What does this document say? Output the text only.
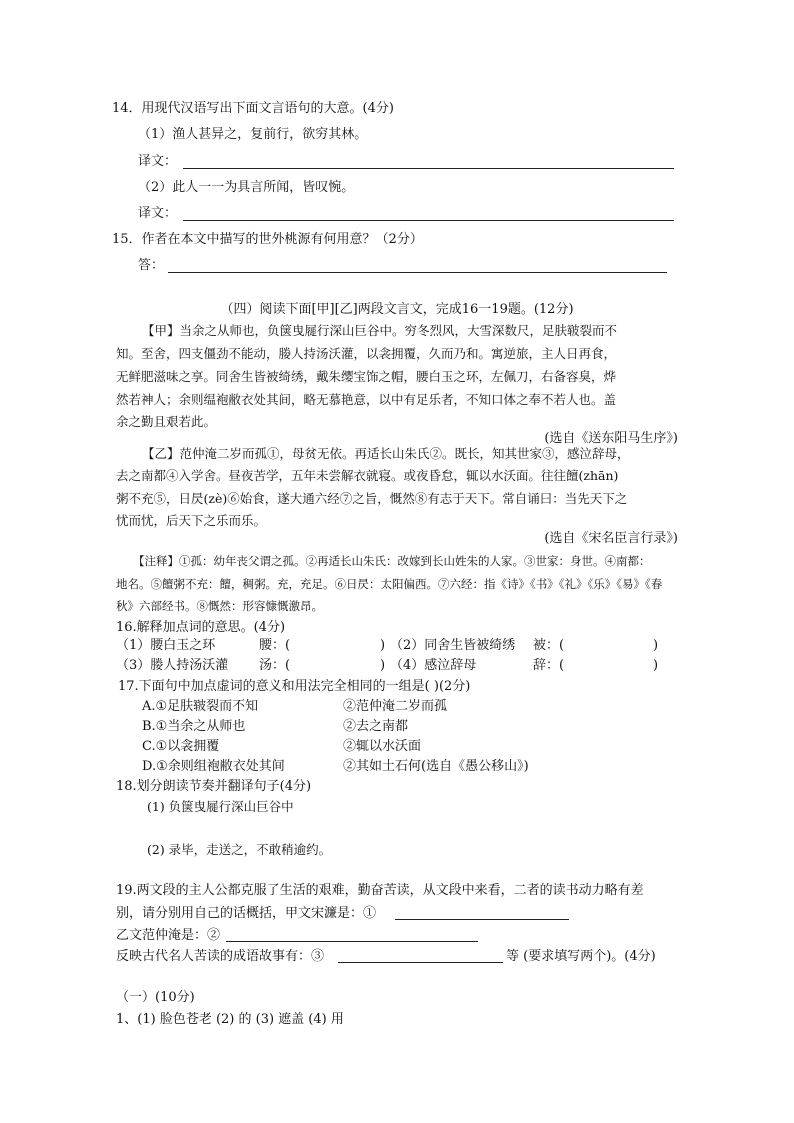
14．用现代汉语写出下面文言语句的大意。(4分)
（1）渔人甚异之，复前行，欲穷其林。
译文：
（2）此人一一为具言所闻，皆叹惋。
译文：
15．作者在本文中描写的世外桃源有何用意？（2分）
答：
（四）阅读下面[甲][乙]两段文言文，完成16一19题。(12分)
【甲】当余之从师也，负箧曳屣行深山巨谷中。穷冬烈风，大雪深数尺，足肤皲裂而不
知。至舍，四支僵劲不能动，媵人持汤沃灌，以衾拥覆，久而乃和。寓逆旅，主人日再食，
无鲜肥滋味之享。同舍生皆被绮绣，戴朱缨宝饰之帽，腰白玉之环，左佩刀，右备容臭，烨
然若神人；余则缊袍敝衣处其间，略无慕艳意，以中有足乐者，不知口体之奉不若人也。盖
余之勤且艰若此。
(选自《送东阳马生序》)
【乙】范仲淹二岁而孤①，母贫无依。再适长山朱氏②。既长，知其世家③，感泣辞母，
去之南都④入学舍。昼夜苦学，五年未尝解衣就寝。或夜昏怠，辄以水沃面。往往饘(zhān)
粥不充⑤，日昃(zè)⑥始食，遂大通六经⑦之旨，慨然⑧有志于天下。常自诵曰：当先天下之
忧而忧，后天下之乐而乐。
(选自《宋名臣言行录》)
【注释】①孤：幼年丧父谓之孤。②再适长山朱氏：改嫁到长山姓朱的人家。③世家：身世。④南都：
地名。⑤饘粥不充：饘，稠粥。充，充足。⑥日昃：太阳偏西。⑦六经：指《诗》《书》《礼》《乐》《易》《春
秋》六部经书。⑧慨然：形容慷慨激昂。
16.解释加点词的意思。(4分)
（1）腰白玉之环	腰：(	) （2）同舍生皆被绮绣 被：(	)
（3）媵人持汤沃灌 汤：(	) （4）感泣辞母	辞：(	)
17.下面句中加点虚词的意义和用法完全相同的一组是( )(2分)
A.①足肤皲裂而不知	②范仲淹二岁而孤
B.①当余之从师也	②去之南都
C.①以衾拥覆	②辄以水沃面
D.①余则组袍敝衣处其间	②其如土石何(选自《愚公移山》)
18.划分朗读节奏并翻译句子(4分)
(1) 负箧曳屣行深山巨谷中
(2) 录毕，走送之，不敢稍逾约。
19.两文段的主人公都克服了生活的艰难，勤奋苦读，从文段中来看，二者的读书动力略有差
别，请分别用自己的话概括，甲文宋濂是：①
乙文范仲淹是：②
反映古代名人苦读的成语故事有：③	等 (要求填写两个)。(4分)
（一）(10分)
1、(1) 脸色苍老 (2) 的 (3) 遮盖 (4) 用
